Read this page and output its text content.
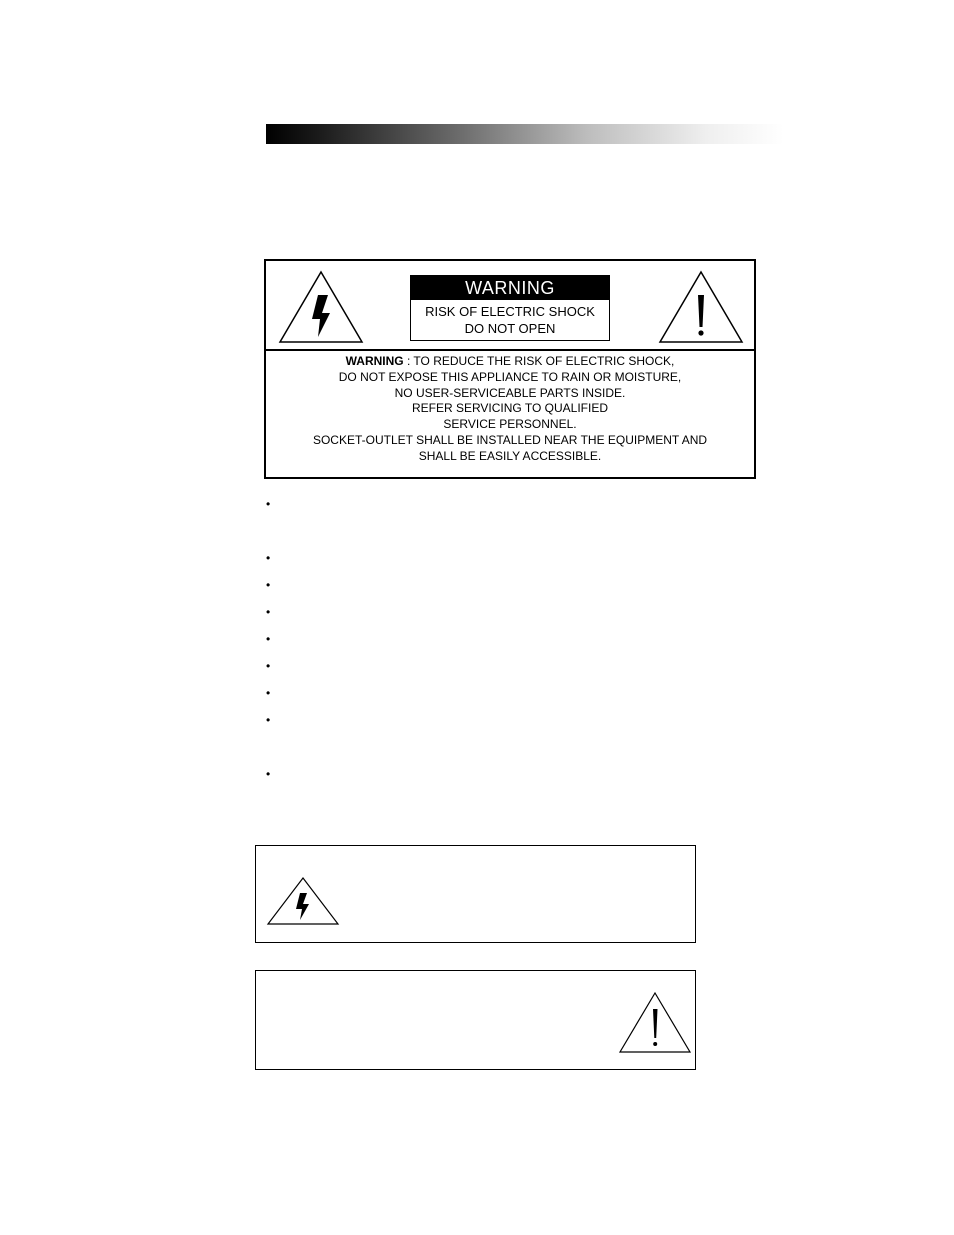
WARNING
RISK OF ELECTRIC SHOCK
DO NOT OPEN
WARNING : TO REDUCE THE RISK OF ELECTRIC SHOCK,
DO NOT EXPOSE THIS APPLIANCE TO RAIN OR MOISTURE,
NO USER-SERVICEABLE PARTS INSIDE.
REFER SERVICING TO QUALIFIED
SERVICE PERSONNEL.
SOCKET-OUTLET SHALL BE INSTALLED NEAR THE EQUIPMENT AND
SHALL BE EASILY ACCESSIBLE.
•
•
•
•
•
•
•
•
•
